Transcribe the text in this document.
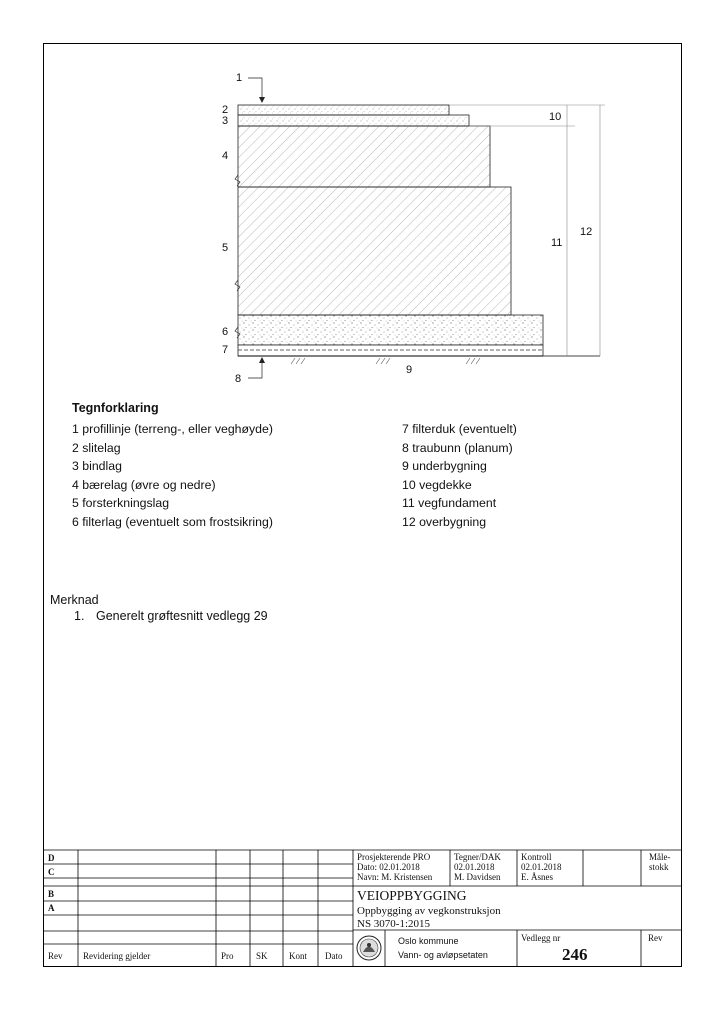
1
2
3
4
5
6
7
8
9
10
11
12
Tegnforklaring
1 profillinje (terreng-, eller veghøyde)
2 slitelag
3 bindlag
4 bærelag (øvre og nedre)
5 forsterkningslag
6 filterlag (eventuelt som frostsikring)
7 filterduk (eventuelt)
8 traubunn (planum)
9 underbygning
10 vegdekke
11 vegfundament
12 overbygning
Merknad
1. Generelt grøftesnitt vedlegg 29
D
C
B
A
Rev Revidering gjelder	Pro SK Kont Dato
Prosjekterende PRO
Dato: 02.01.2018
Navn: M. Kristensen
Tegner/DAK
02.01.2018
M. Davidsen
Kontroll
02.01.2018
E. Åsnes
Måle-
stokk
VEIOPPBYGGING
Oppbygging av vegkonstruksjon
NS 3070-1:2015
Oslo kommune
Vann- og avløpsetaten
Vedlegg nr
246
Rev
